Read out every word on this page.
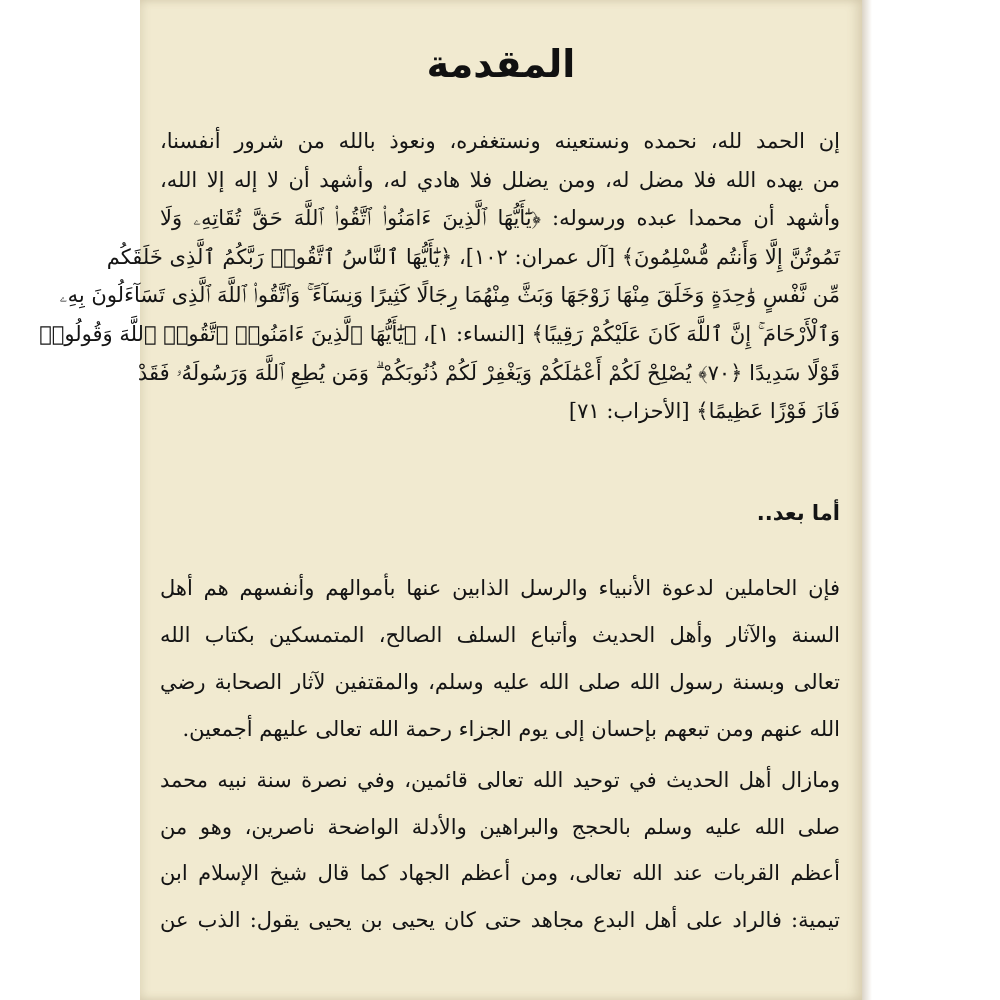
المقدمة
إن الحمد لله، نحمده ونستعينه ونستغفره، ونعوذ بالله من شرور أنفسنا،
من يهده الله فلا مضل له، ومن يضلل فلا هادي له، وأشهد أن لا إله إلا الله،
وأشهد أن محمدا عبده ورسوله: ﴿يَٰٓأَيُّهَا ٱلَّذِينَ ءَامَنُوا۟ ٱتَّقُوا۟ ٱللَّهَ حَقَّ تُقَاتِهِۦ وَلَا
تَمُوتُنَّ إِلَّا وَأَنتُم مُّسْلِمُونَ﴾ [آل عمران: ١٠٢]، ﴿يَٰٓأَيُّهَا ٱلنَّاسُ ٱتَّقُوا۟ رَبَّكُمُ ٱلَّذِى خَلَقَكُم
مِّن نَّفْسٍ وَٰحِدَةٍ وَخَلَقَ مِنْهَا زَوْجَهَا وَبَثَّ مِنْهُمَا رِجَالًا كَثِيرًا وَنِسَآءً ۚ وَٱتَّقُوا۟ ٱللَّهَ ٱلَّذِى تَسَآءَلُونَ بِهِۦ
وَٱلْأَرْحَامَ ۚ إِنَّ ٱللَّهَ كَانَ عَلَيْكُمْ رَقِيبًا﴾ [النساء: ١]، ﴿يَٰٓأَيُّهَا ٱلَّذِينَ ءَامَنُوا۟ ٱتَّقُوا۟ ٱللَّهَ وَقُولُوا۟
قَوْلًا سَدِيدًا ﴿٧٠﴾ يُصْلِحْ لَكُمْ أَعْمَٰلَكُمْ وَيَغْفِرْ لَكُمْ ذُنُوبَكُمْ ۗ وَمَن يُطِعِ ٱللَّهَ وَرَسُولَهُۥ فَقَدْ
فَازَ فَوْزًا عَظِيمًا﴾ [الأحزاب: ٧١]
أما بعد..
فإن الحاملين لدعوة الأنبياء والرسل الذابين عنها بأموالهم وأنفسهم هم أهل
السنة والآثار وأهل الحديث وأتباع السلف الصالح، المتمسكين بكتاب الله
تعالى وبسنة رسول الله صلى الله عليه وسلم، والمقتفين لآثار الصحابة رضي
الله عنهم ومن تبعهم بإحسان إلى يوم الجزاء رحمة الله تعالى عليهم أجمعين.
ومازال أهل الحديث في توحيد الله تعالى قائمين، وفي نصرة سنة نبيه محمد
صلى الله عليه وسلم بالحجج والبراهين والأدلة الواضحة ناصرين، وهو من
أعظم القربات عند الله تعالى، ومن أعظم الجهاد كما قال شيخ الإسلام ابن
تيمية: فالراد على أهل البدع مجاهد حتى كان يحيى بن يحيى يقول: الذب عن
